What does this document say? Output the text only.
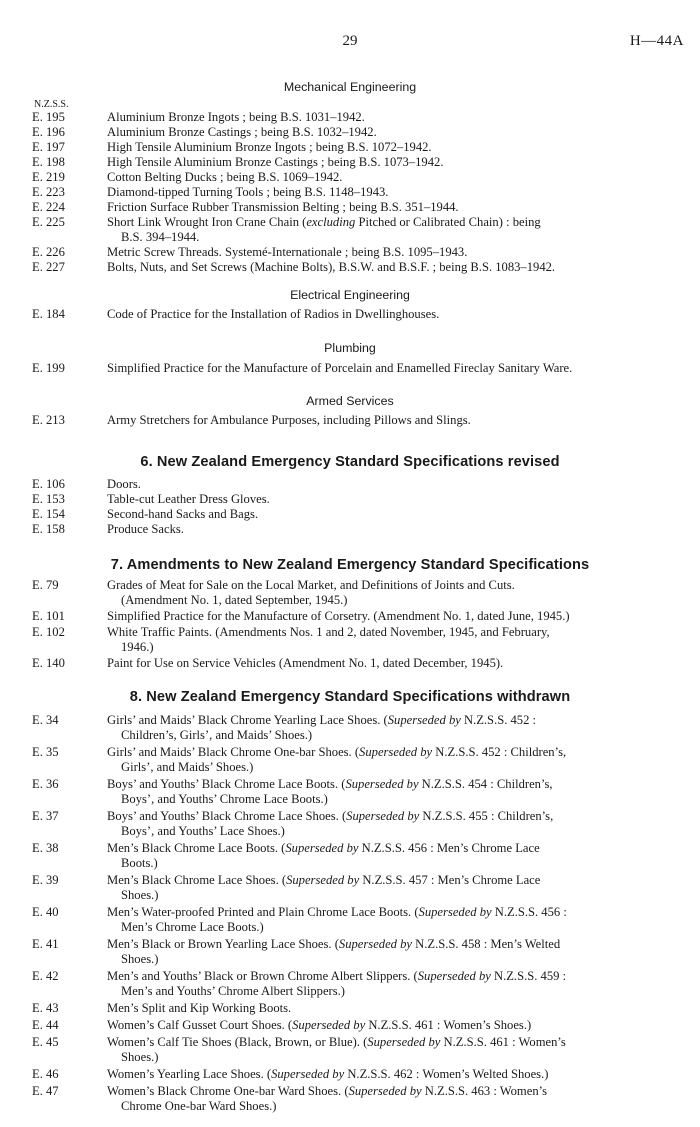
29	H—44A
Mechanical Engineering
N.Z.S.S.
E. 195	Aluminium Bronze Ingots ; being B.S. 1031–1942.
E. 196	Aluminium Bronze Castings ; being B.S. 1032–1942.
E. 197	High Tensile Aluminium Bronze Ingots ; being B.S. 1072–1942.
E. 198	High Tensile Aluminium Bronze Castings ; being B.S. 1073–1942.
E. 219	Cotton Belting Ducks ; being B.S. 1069–1942.
E. 223	Diamond-tipped Turning Tools ; being B.S. 1148–1943.
E. 224	Friction Surface Rubber Transmission Belting ; being B.S. 351–1944.
E. 225	Short Link Wrought Iron Crane Chain (excluding Pitched or Calibrated Chain) : being
B.S. 394–1944.
E. 226	Metric Screw Threads. Systemé-Internationale ; being B.S. 1095–1943.
E. 227	Bolts, Nuts, and Set Screws (Machine Bolts), B.S.W. and B.S.F. ; being B.S. 1083–1942.
Electrical Engineering
E. 184	Code of Practice for the Installation of Radios in Dwellinghouses.
Plumbing
E. 199	Simplified Practice for the Manufacture of Porcelain and Enamelled Fireclay Sanitary Ware.
Armed Services
E. 213	Army Stretchers for Ambulance Purposes, including Pillows and Slings.
6. New Zealand Emergency Standard Specifications revised
E. 106	Doors.
E. 153	Table-cut Leather Dress Gloves.
E. 154	Second-hand Sacks and Bags.
E. 158	Produce Sacks.
7. Amendments to New Zealand Emergency Standard Specifications
E. 79	Grades of Meat for Sale on the Local Market, and Definitions of Joints and Cuts.
(Amendment No. 1, dated September, 1945.)
E. 101	Simplified Practice for the Manufacture of Corsetry. (Amendment No. 1, dated June, 1945.)
E. 102	White Traffic Paints. (Amendments Nos. 1 and 2, dated November, 1945, and February,
1946.)
E. 140	Paint for Use on Service Vehicles (Amendment No. 1, dated December, 1945).
8. New Zealand Emergency Standard Specifications withdrawn
E. 34	Girls’ and Maids’ Black Chrome Yearling Lace Shoes. (Superseded by N.Z.S.S. 452 :
Children’s, Girls’, and Maids’ Shoes.)
E. 35	Girls’ and Maids’ Black Chrome One-bar Shoes. (Superseded by N.Z.S.S. 452 : Children’s,
Girls’, and Maids’ Shoes.)
E. 36	Boys’ and Youths’ Black Chrome Lace Boots. (Superseded by N.Z.S.S. 454 : Children’s,
Boys’, and Youths’ Chrome Lace Boots.)
E. 37	Boys’ and Youths’ Black Chrome Lace Shoes. (Superseded by N.Z.S.S. 455 : Children’s,
Boys’, and Youths’ Lace Shoes.)
E. 38	Men’s Black Chrome Lace Boots. (Superseded by N.Z.S.S. 456 : Men’s Chrome Lace
Boots.)
E. 39	Men’s Black Chrome Lace Shoes. (Superseded by N.Z.S.S. 457 : Men’s Chrome Lace
Shoes.)
E. 40	Men’s Water-proofed Printed and Plain Chrome Lace Boots. (Superseded by N.Z.S.S. 456 :
Men’s Chrome Lace Boots.)
E. 41	Men’s Black or Brown Yearling Lace Shoes. (Superseded by N.Z.S.S. 458 : Men’s Welted
Shoes.)
E. 42	Men’s and Youths’ Black or Brown Chrome Albert Slippers. (Superseded by N.Z.S.S. 459 :
Men’s and Youths’ Chrome Albert Slippers.)
E. 43	Men’s Split and Kip Working Boots.
E. 44	Women’s Calf Gusset Court Shoes. (Superseded by N.Z.S.S. 461 : Women’s Shoes.)
E. 45	Women’s Calf Tie Shoes (Black, Brown, or Blue). (Superseded by N.Z.S.S. 461 : Women’s
Shoes.)
E. 46	Women’s Yearling Lace Shoes. (Superseded by N.Z.S.S. 462 : Women’s Welted Shoes.)
E. 47	Women’s Black Chrome One-bar Ward Shoes. (Superseded by N.Z.S.S. 463 : Women’s
Chrome One-bar Ward Shoes.)
